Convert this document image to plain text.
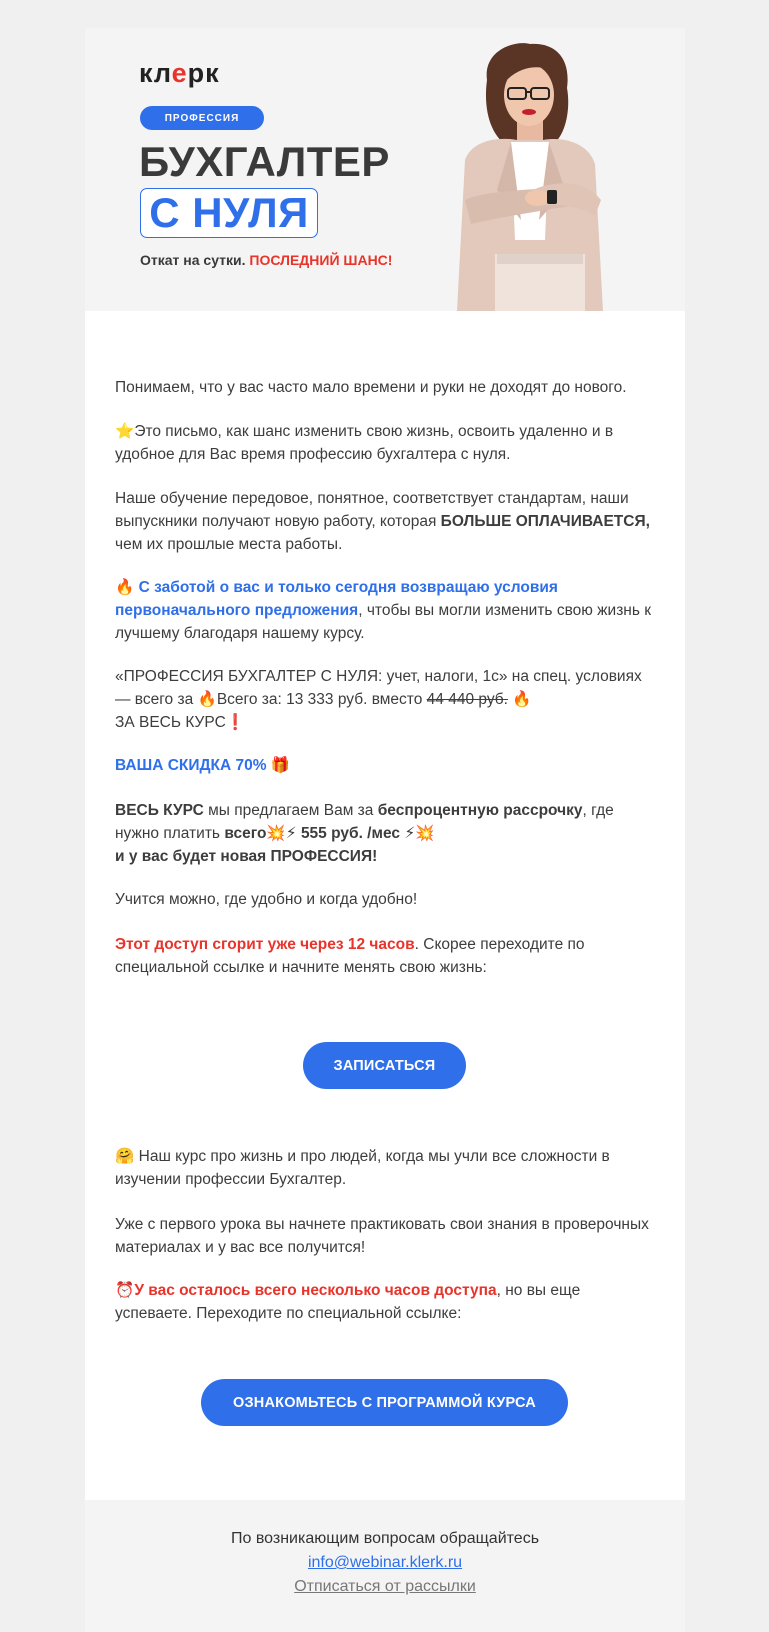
клерк
ПРОФЕССИЯ
БУХГАЛТЕР
С НУЛЯ
Откат на сутки. ПОСЛЕДНИЙ ШАНС!

Понимаем, что у вас часто мало времени и руки не доходят до нового.

⭐Это письмо, как шанс изменить свою жизнь, освоить удаленно и в удобное для Вас время профессию бухгалтера с нуля.

Наше обучение передовое, понятное, соответствует стандартам, наши выпускники получают новую работу, которая БОЛЬШЕ ОПЛАЧИВАЕТСЯ, чем их прошлые места работы.

🔥 С заботой о вас и только сегодня возвращаю условия первоначального предложения, чтобы вы могли изменить свою жизнь к лучшему благодаря нашему курсу.

«ПРОФЕССИЯ БУХГАЛТЕР С НУЛЯ: учет, налоги, 1с» на спец. условиях — всего за 🔥Всего за: 13 333 руб. вместо 44 440 руб. 🔥
ЗА ВЕСЬ КУРС❗

ВАША СКИДКА 70% 🎁

ВЕСЬ КУРС мы предлагаем Вам за беспроцентную рассрочку, где нужно платить всего💥⚡ 555 руб. /мес ⚡💥
и у вас будет новая ПРОФЕССИЯ!

Учится можно, где удобно и когда удобно!

Этот доступ сгорит уже через 12 часов. Скорее переходите по специальной ссылке и начните менять свою жизнь:

ЗАПИСАТЬСЯ

🤗 Наш курс про жизнь и про людей, когда мы учли все сложности в изучении профессии Бухгалтер.

Уже с первого урока вы начнете практиковать свои знания в проверочных материалах и у вас все получится!

⏰У вас осталось всего несколько часов доступа, но вы еще успеваете. Переходите по специальной ссылке:

ОЗНАКОМЬТЕСЬ С ПРОГРАММОЙ КУРСА
По возникающим вопросам обращайтесь
info@webinar.klerk.ru
Отписаться от рассылки
